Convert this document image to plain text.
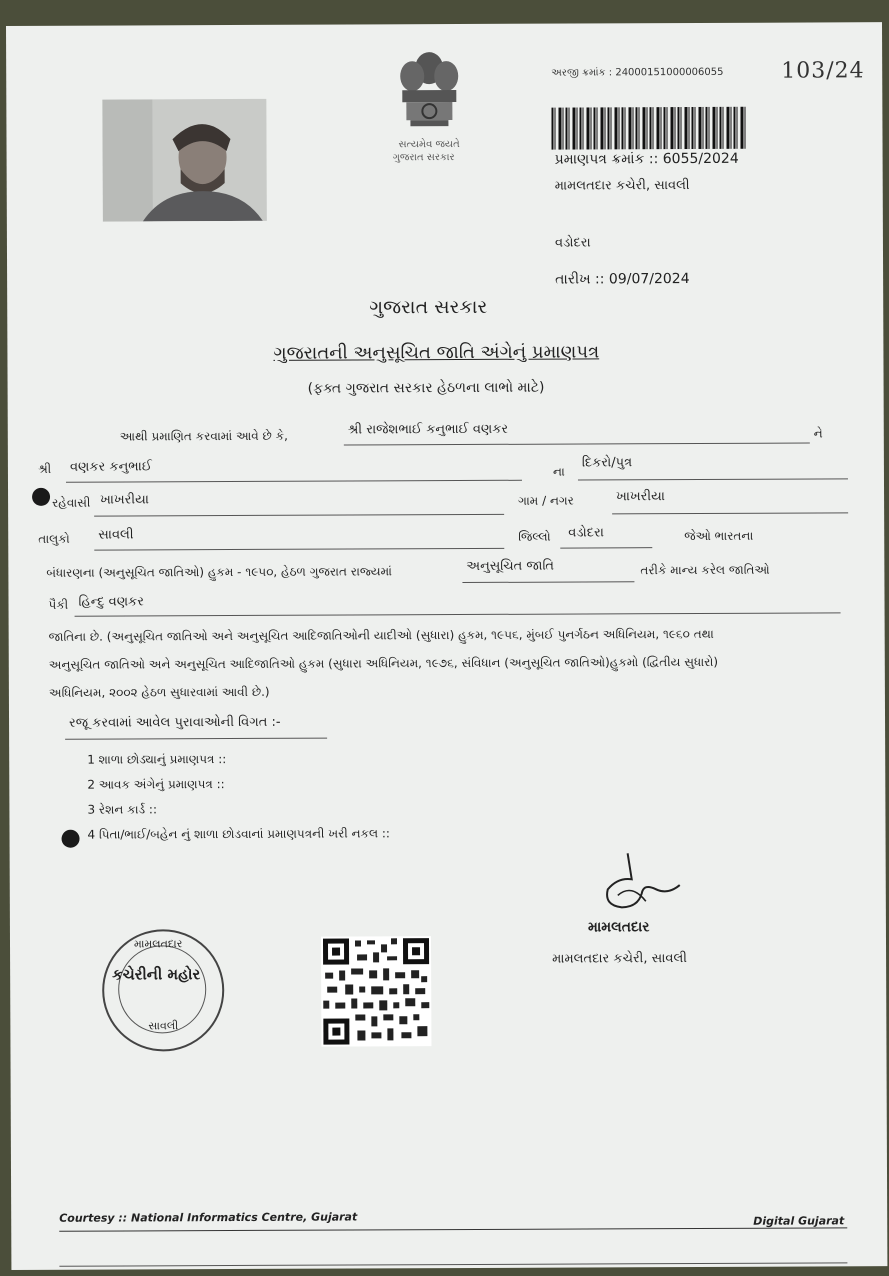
103/24
સત્યમેવ જયતે
ગુજરાત સરકાર
અરજી ક્રમાંક : 24000151000006055
પ્રમાણપત્ર ક્રમાંક :: 6055/2024
મામલતદાર કચેરી, સાવલી
વડોદરા
તારીખ :: 09/07/2024
ગુજરાત સરકાર
ગુજરાતની અનુસૂચિત જાતિ અંગેનું પ્રમાણપત્ર
(ફક્ત ગુજરાત સરકાર હેઠળના લાભો માટે)
આથી પ્રમાણિત કરવામાં આવે છે કે,	શ્રી રાજેશભાઈ કનુભાઈ વણકર	ને
શ્રી વણકર કનુભાઈ	ના
દિકરો/પુત્ર
રહેવાસી ખાખરીયા	ગામ / નગર	ખાખરીયા
તાલુકો સાવલી	જિલ્લો વડોદરા	જેઓ ભારતના
બંધારણના (અનુસૂચિત જાતિઓ) હુકમ - ૧૯૫૦, હેઠળ ગુજરાત રાજ્યમાં	અનુસૂચિત જાતિ	તરીકે માન્ય કરેલ જાતિઓ
પૈકી હિન્દુ વણકર
જાતિના છે. (અનુસૂચિત જાતિઓ અને અનુસૂચિત આદિજાતિઓની યાદીઓ (સુધારા) હુકમ, ૧૯૫૬, મુંબઈ પુનર્ગઠન અધિનિયમ, ૧૯૬૦ તથા
અનુસૂચિત જાતિઓ અને અનુસૂચિત આદિજાતિઓ હુકમ (સુધારા અધિનિયમ, ૧૯૭૬, સંવિધાન (અનુસૂચિત જાતિઓ)હુકમો (દ્વિતીય સુધારો)
અધિનિયમ, ૨૦૦૨ હેઠળ સુધારવામાં આવી છે.)
રજૂ કરવામાં આવેલ પુરાવાઓની વિગત :-
1 શાળા છોડ્યાનું પ્રમાણપત્ર ::
2 આવક અંગેનું પ્રમાણપત્ર ::
3 રેશન કાર્ડ ::
4 પિતા/ભાઈ/બહેન નું શાળા છોડવાનાં પ્રમાણપત્રની ખરી નકલ ::
મામલતદાર
કચેરીની મહોર
સાવલી
મામલતદાર
મામલતદાર કચેરી, સાવલી
Courtesy :: National Informatics Centre, Gujarat	Digital Gujarat
